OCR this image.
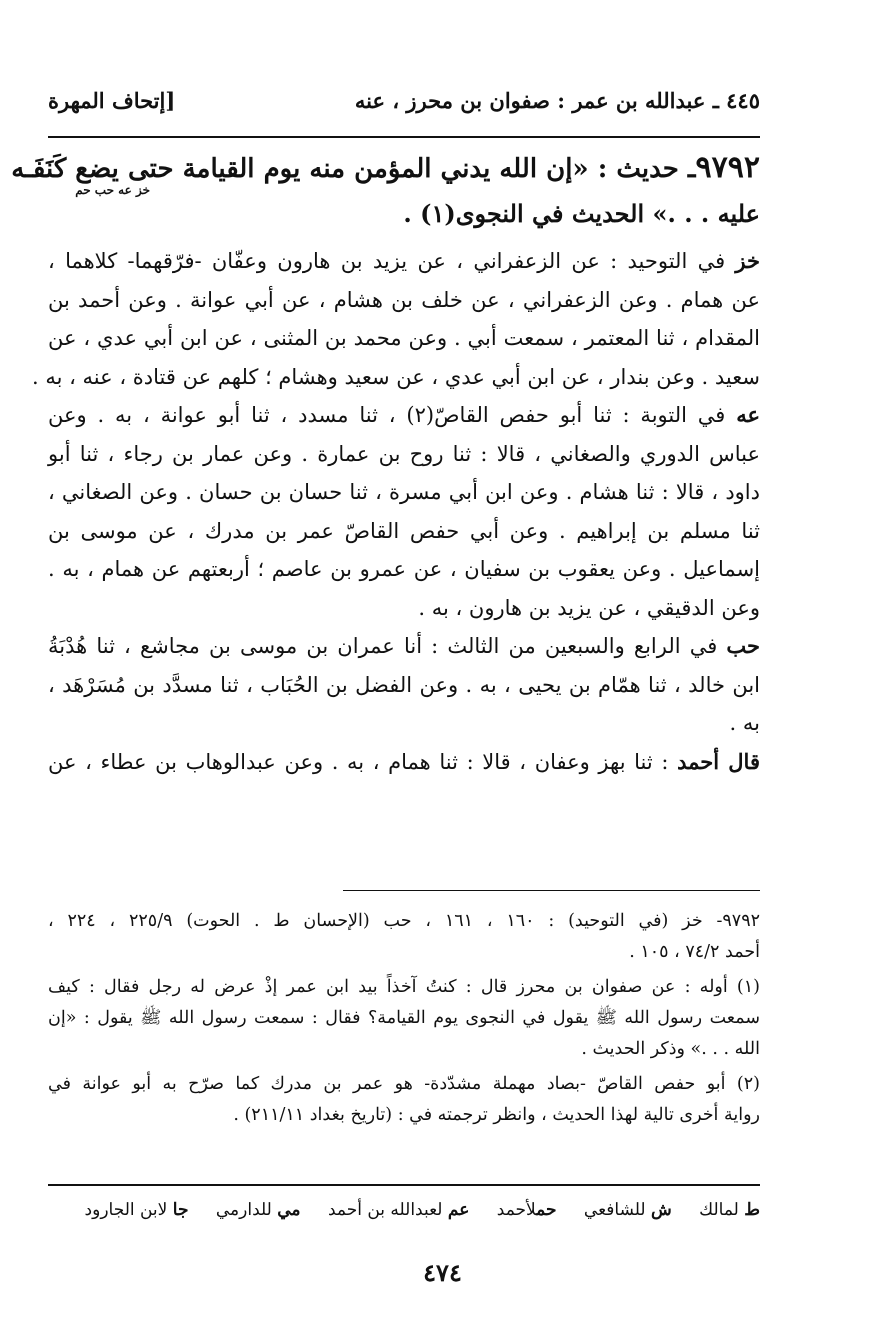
٤٤٥ ـ عبدالله بن عمر : صفوان بن محرز ، عنه
[إتحاف المهرة
٩٧٩٢ـ حديث : «إن الله يدني المؤمن منه يوم القيامة حتى يضع كَنَفَـه
خز عه حب حم
عليه . . .» الحديث في النجوى(١) .
خز في التوحيد : عن الزعفراني ، عن يزيد بن هارون وعفّان -فرّقهما- كلاهما ،
عن همام . وعن الزعفراني ، عن خلف بن هشام ، عن أبي عوانة . وعن أحمد بن
المقدام ، ثنا المعتمر ، سمعت أبي . وعن محمد بن المثنى ، عن ابن أبي عدي ، عن
سعيد . وعن بندار ، عن ابن أبي عدي ، عن سعيد وهشام ؛ كلهم عن قتادة ، عنه ، به .
عه في التوبة : ثنا أبو حفص القاصّ(٢) ، ثنا مسدد ، ثنا أبو عوانة ، به . وعن
عباس الدوري والصغاني ، قالا : ثنا روح بن عمارة . وعن عمار بن رجاء ، ثنا أبو
داود ، قالا : ثنا هشام . وعن ابن أبي مسرة ، ثنا حسان بن حسان . وعن الصغاني ،
ثنا مسلم بن إبراهيم . وعن أبي حفص القاصّ عمر بن مدرك ، عن موسى بن
إسماعيل . وعن يعقوب بن سفيان ، عن عمرو بن عاصم ؛ أربعتهم عن همام ، به .
وعن الدقيقي ، عن يزيد بن هارون ، به .
حب في الرابع والسبعين من الثالث : أنا عمران بن موسى بن مجاشع ، ثنا هُدْبَةُ
ابن خالد ، ثنا همّام بن يحيى ، به . وعن الفضل بن الحُبَاب ، ثنا مسدَّد بن مُسَرْهَد ،
به .
قال أحمد : ثنا بهز وعفان ، قالا : ثنا همام ، به . وعن عبدالوهاب بن عطاء ، عن
٩٧٩٢- خز (في التوحيد) : ١٦٠ ، ١٦١ ، حب (الإحسان ط . الحوت) ٢٢٥/٩ ، ٢٢٤ ،
أحمد ٧٤/٢ ، ١٠٥ .
(١) أوله : عن صفوان بن محرز قال : كنتُ آخذاً بيد ابن عمر إذْ عرض له رجل فقال : كيف
سمعت رسول الله ﷺ يقول في النجوى يوم القيامة؟ فقال : سمعت رسول الله ﷺ يقول : «إن
الله . . .» وذكر الحديث .
(٢) أبو حفص القاصّ -بصاد مهملة مشدّدة- هو عمر بن مدرك كما صرّح به أبو عوانة في
رواية أخرى تالية لهذا الحديث ، وانظر ترجمته في : (تاريخ بغداد ٢١١/١١) .
ط لمالك ش للشافعي حملأحمد عم لعبدالله بن أحمد مي للدارمي جا لابن الجارود
٤٧٤
